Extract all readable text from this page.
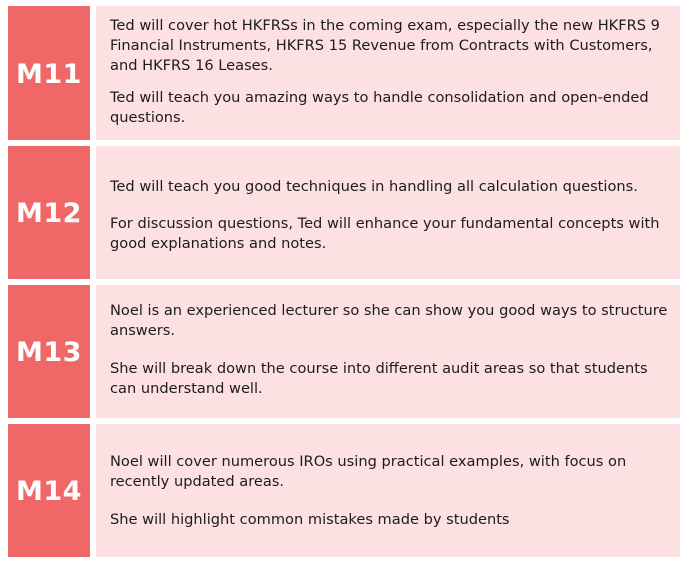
M11

Ted will cover hot HKFRSs in the coming exam, especially the new HKFRS 9 Financial Instruments, HKFRS 15 Revenue from Contracts with Customers, and HKFRS 16 Leases.

Ted will teach you amazing ways to handle consolidation and open-ended questions.

M12

Ted will teach you good techniques in handling all calculation questions.

For discussion questions, Ted will enhance your fundamental concepts with good explanations and notes.

M13

Noel is an experienced lecturer so she can show you good ways to structure answers.

She will break down the course into different audit areas so that students can understand well.

M14

Noel will cover numerous IROs using practical examples, with focus on recently updated areas.

She will highlight common mistakes made by students
